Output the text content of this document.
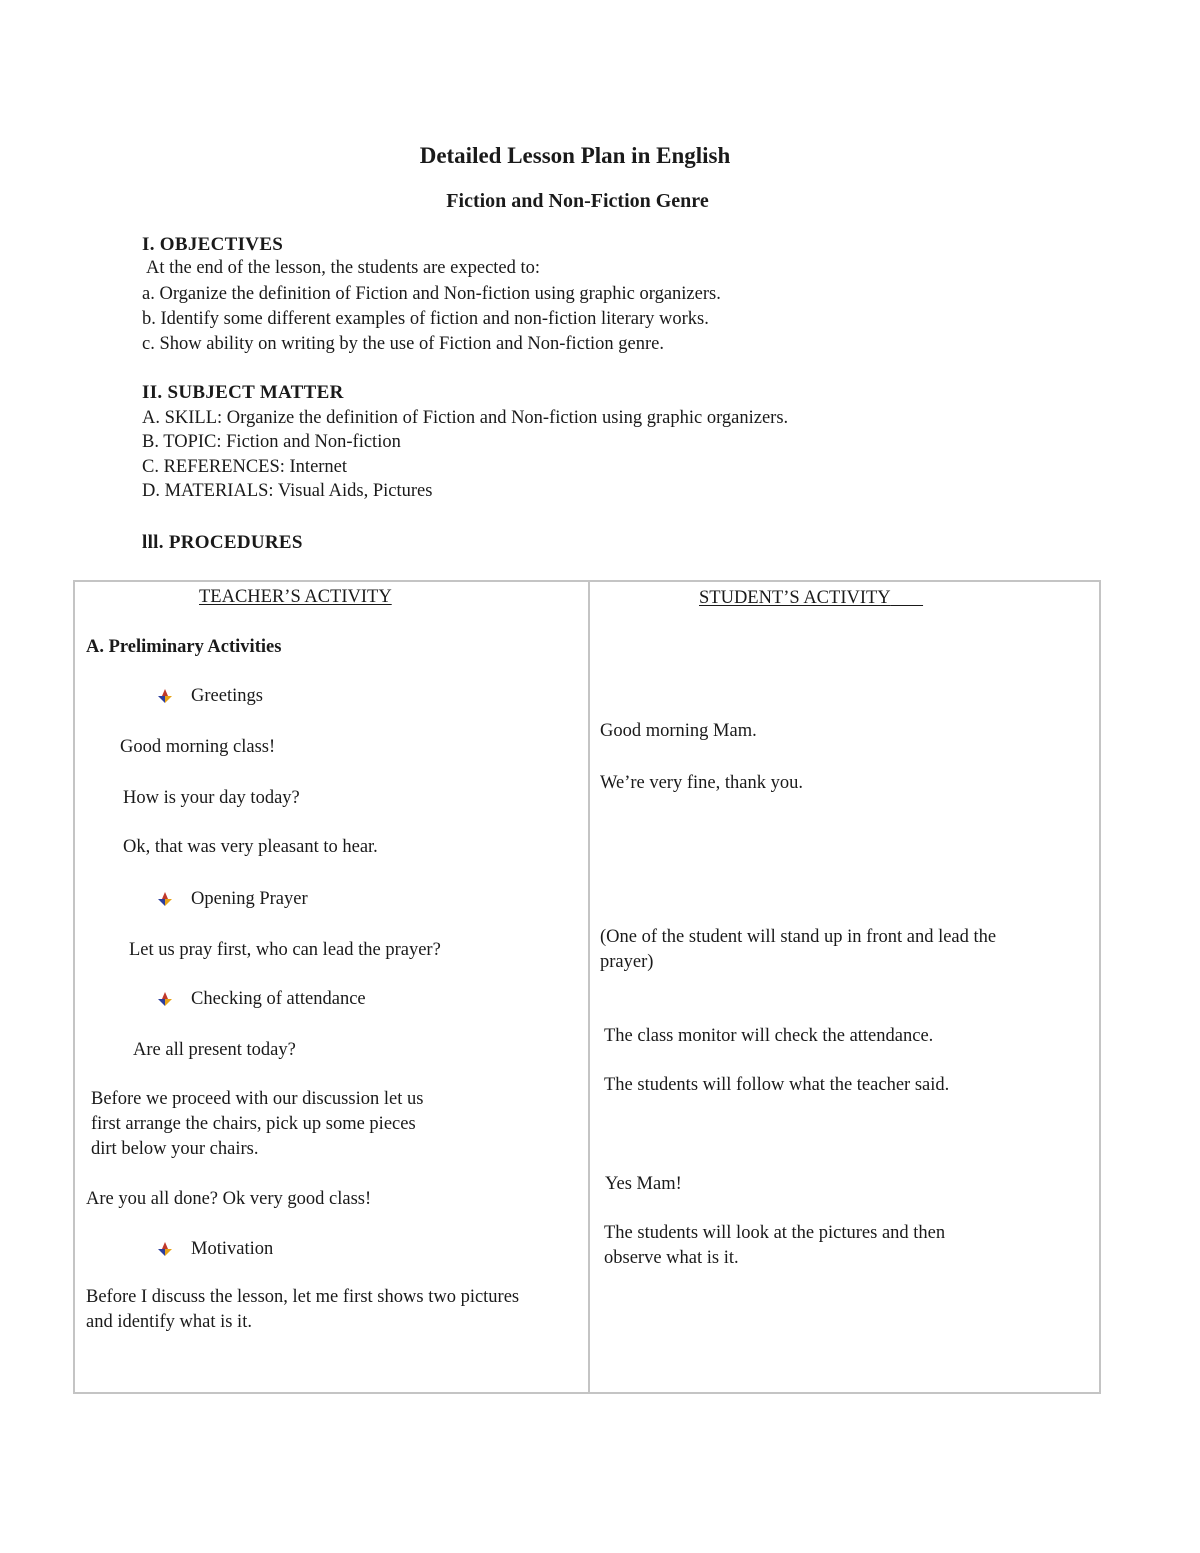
Detailed Lesson Plan in English
Fiction and Non-Fiction Genre
I. OBJECTIVES
At the end of the lesson, the students are expected to:
a. Organize the definition of Fiction and Non-fiction using graphic organizers.
b. Identify some different examples of fiction and non-fiction literary works.
c. Show ability on writing by the use of Fiction and Non-fiction genre.
II. SUBJECT MATTER
A. SKILL: Organize the definition of Fiction and Non-fiction using graphic organizers.
B. TOPIC: Fiction and Non-fiction
C. REFERENCES: Internet
D. MATERIALS: Visual Aids, Pictures
lll. PROCEDURES
TEACHER’S ACTIVITY
A. Preliminary Activities
Greetings
Good morning class!
How is your day today?
Ok, that was very pleasant to hear.
Opening Prayer
Let us pray first, who can lead the prayer?
Checking of attendance
Are all present today?
Before we proceed with our discussion let us
first arrange the chairs, pick up some pieces
dirt below your chairs.
Are you all done? Ok very good class!
Motivation
Before I discuss the lesson, let me first shows two pictures
and identify what is it.
STUDENT’S ACTIVITY
Good morning Mam.
We’re very fine, thank you.
(One of the student will stand up in front and lead the
prayer)
The class monitor will check the attendance.
The students will follow what the teacher said.
Yes Mam!
The students will look at the pictures and then
observe what is it.
